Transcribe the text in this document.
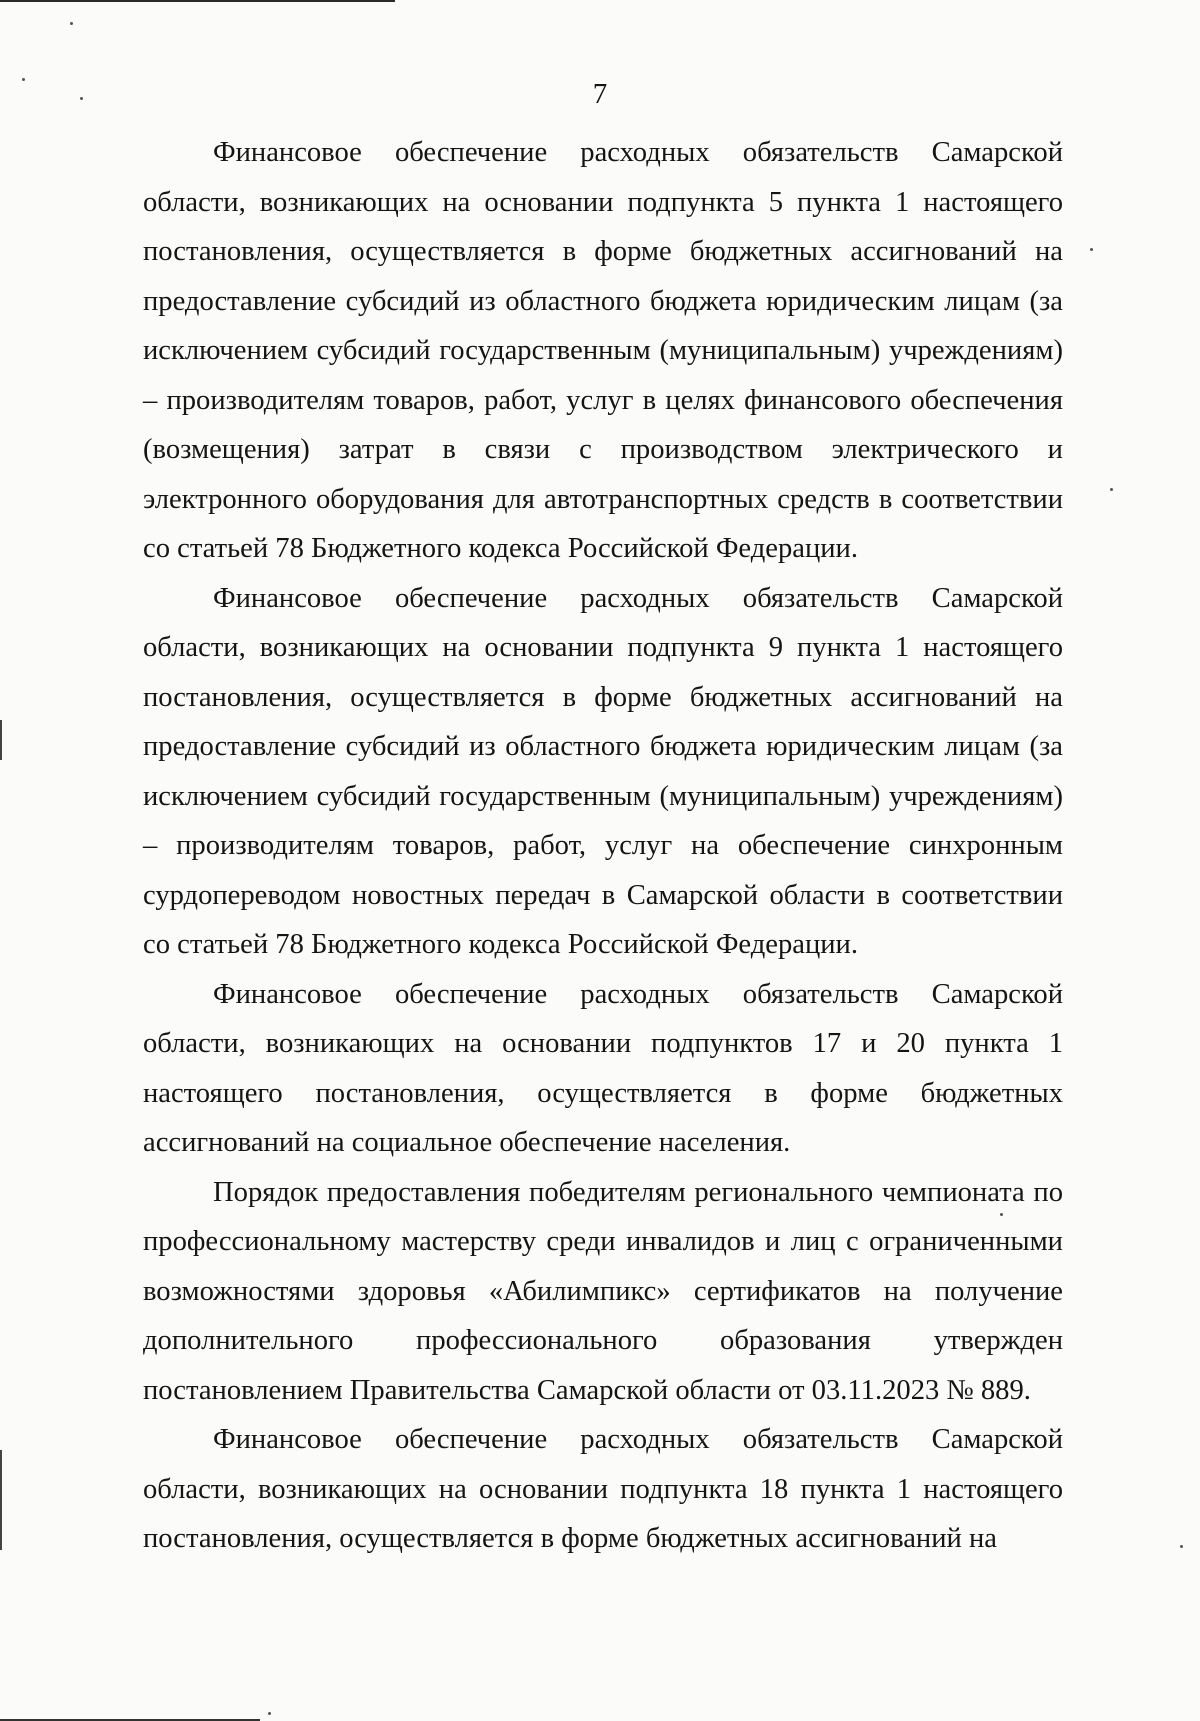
7

Финансовое обеспечение расходных обязательств Самарской области, возникающих на основании подпункта 5 пункта 1 настоящего постановления, осуществляется в форме бюджетных ассигнований на предоставление субсидий из областного бюджета юридическим лицам (за исключением субсидий государственным (муниципальным) учреждениям) – производителям товаров, работ, услуг в целях финансового обеспечения (возмещения) затрат в связи с производством электрического и электронного оборудования для автотранспортных средств в соответствии со статьей 78 Бюджетного кодекса Российской Федерации.

Финансовое обеспечение расходных обязательств Самарской области, возникающих на основании подпункта 9 пункта 1 настоящего постановления, осуществляется в форме бюджетных ассигнований на предоставление субсидий из областного бюджета юридическим лицам (за исключением субсидий государственным (муниципальным) учреждениям) – производителям товаров, работ, услуг на обеспечение синхронным сурдопереводом новостных передач в Самарской области в соответствии со статьей 78 Бюджетного кодекса Российской Федерации.

Финансовое обеспечение расходных обязательств Самарской области, возникающих на основании подпунктов 17 и 20 пункта 1 настоящего постановления, осуществляется в форме бюджетных ассигнований на социальное обеспечение населения.

Порядок предоставления победителям регионального чемпионата по профессиональному мастерству среди инвалидов и лиц с ограниченными возможностями здоровья «Абилимпикс» сертификатов на получение дополнительного профессионального образования утвержден постановлением Правительства Самарской области от 03.11.2023 № 889.

Финансовое обеспечение расходных обязательств Самарской области, возникающих на основании подпункта 18 пункта 1 настоящего постановления, осуществляется в форме бюджетных ассигнований на
